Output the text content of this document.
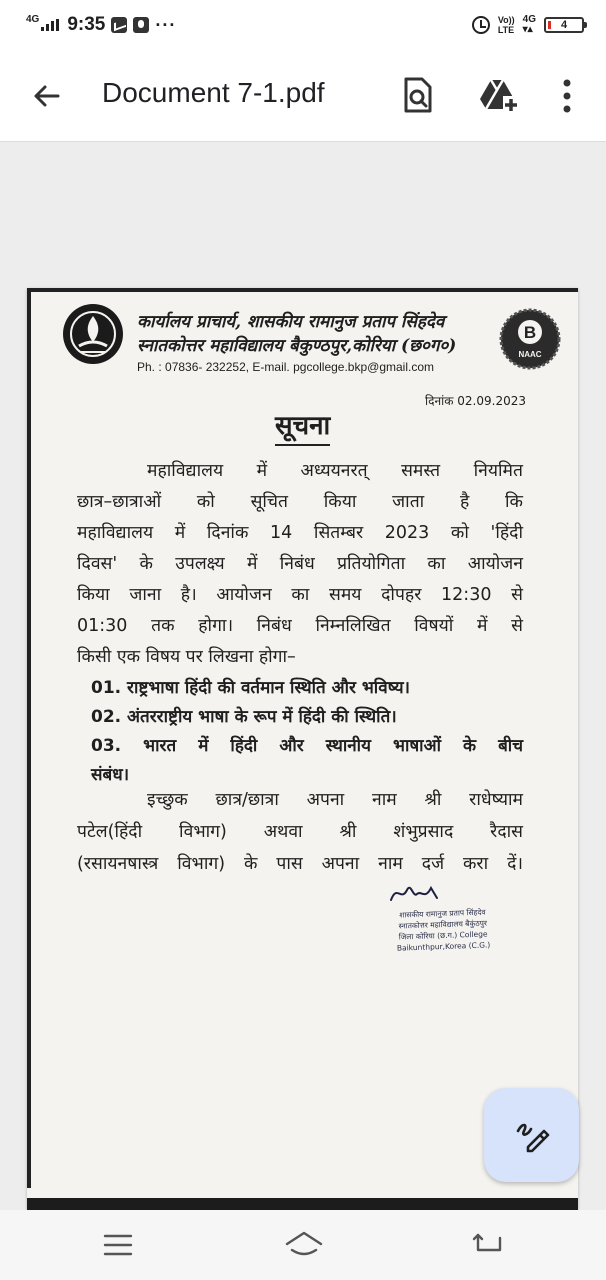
4G 9:35	···	Vo))
LTE
4G
▾▴	4
Document 7-1.pdf
कार्यालय प्राचार्य, शासकीय रामानुज प्रताप सिंहदेव
स्नातकोत्तर महाविद्यालय बैकुण्ठपुर,कोरिया (छ०ग०)
Ph. : 07836- 232252, E-mail. pgcollege.bkp@gmail.com
B
NAAC
दिनांक 02.09.2023
सूचना
महाविद्यालय में अध्ययनरत् समस्त नियमित
छात्र–छात्राओं को सूचित किया जाता है कि
महाविद्यालय में दिनांक 14 सितम्बर 2023 को 'हिंदी
दिवस' के उपलक्ष्य में निबंध प्रतियोगिता का आयोजन
किया जाना है। आयोजन का समय दोपहर 12:30 से
01:30 तक होगा। निबंध निम्नलिखित विषयों में से
किसी एक विषय पर लिखना होगा–
01. राष्ट्रभाषा हिंदी की वर्तमान स्थिति और भविष्य।
02. अंतरराष्ट्रीय भाषा के रूप में हिंदी की स्थिति।
03. भारत में हिंदी और स्थानीय भाषाओं के बीच
संबंध।
इच्छुक छात्र/छात्रा अपना नाम श्री राधेष्याम
पटेल(हिंदी विभाग) अथवा श्री शंभुप्रसाद रैदास
(रसायनषास्त्र विभाग) के पास अपना नाम दर्ज करा दें।
शासकीय रामानुज प्रताप सिंहदेव
स्नातकोत्तर महाविद्यालय बैकुंठपुर
जिला कोरिया (छ.ग.) College
Baikunthpur,Korea (C.G.)
